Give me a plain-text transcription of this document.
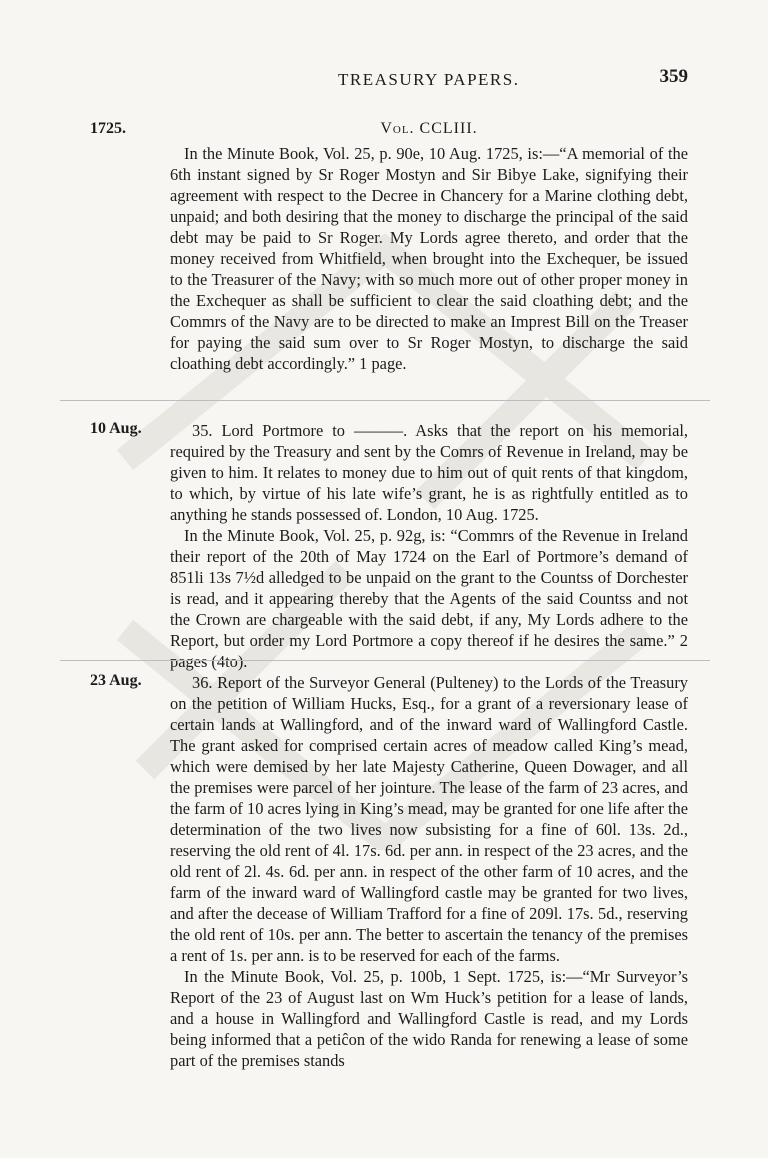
TREASURY PAPERS.	359
1725.	Vol. CCLIII.

In the Minute Book, Vol. 25, p. 90e, 10 Aug. 1725, is:—“A memorial of the 6th instant signed by Sr Roger Mostyn and Sir Bibye Lake, signifying their agreement with respect to the Decree in Chancery for a Marine clothing debt, unpaid; and both desiring that the money to discharge the principal of the said debt may be paid to Sr Roger. My Lords agree thereto, and order that the money received from Whitfield, when brought into the Exchequer, be issued to the Treasurer of the Navy; with so much more out of other proper money in the Exchequer as shall be sufficient to clear the said cloathing debt; and the Commrs of the Navy are to be directed to make an Imprest Bill on the Treaser for paying the said sum over to Sr Roger Mostyn, to discharge the said cloathing debt accordingly.” 1 page.

10 Aug.	35. Lord Portmore to ———. Asks that the report on his memorial, required by the Treasury and sent by the Comrs of Revenue in Ireland, may be given to him. It relates to money due to him out of quit rents of that kingdom, to which, by virtue of his late wife’s grant, he is as rightfully entitled as to anything he stands possessed of. London, 10 Aug. 1725.

In the Minute Book, Vol. 25, p. 92g, is: “Commrs of the Revenue in Ireland their report of the 20th of May 1724 on the Earl of Portmore’s demand of 851li 13s 7½d alledged to be unpaid on the grant to the Countss of Dorchester is read, and it appearing thereby that the Agents of the said Countss and not the Crown are chargeable with the said debt, if any, My Lords adhere to the Report, but order my Lord Portmore a copy thereof if he desires the same.” 2 pages (4to).

23 Aug.	36. Report of the Surveyor General (Pulteney) to the Lords of the Treasury on the petition of William Hucks, Esq., for a grant of a reversionary lease of certain lands at Wallingford, and of the inward ward of Wallingford Castle. The grant asked for comprised certain acres of meadow called King’s mead, which were demised by her late Majesty Catherine, Queen Dowager, and all the premises were parcel of her jointure. The lease of the farm of 23 acres, and the farm of 10 acres lying in King’s mead, may be granted for one life after the determination of the two lives now subsisting for a fine of 60l. 13s. 2d., reserving the old rent of 4l. 17s. 6d. per ann. in respect of the 23 acres, and the old rent of 2l. 4s. 6d. per ann. in respect of the other farm of 10 acres, and the farm of the inward ward of Wallingford castle may be granted for two lives, and after the decease of William Trafford for a fine of 209l. 17s. 5d., reserving the old rent of 10s. per ann. The better to ascertain the tenancy of the premises a rent of 1s. per ann. is to be reserved for each of the farms.

In the Minute Book, Vol. 25, p. 100b, 1 Sept. 1725, is:—“Mr Surveyor’s Report of the 23 of August last on Wm Huck’s petition for a lease of lands, and a house in Wallingford and Wallingford Castle is read, and my Lords being informed that a petiĉon of the wido Randa for renewing a lease of some part of the premises stands
